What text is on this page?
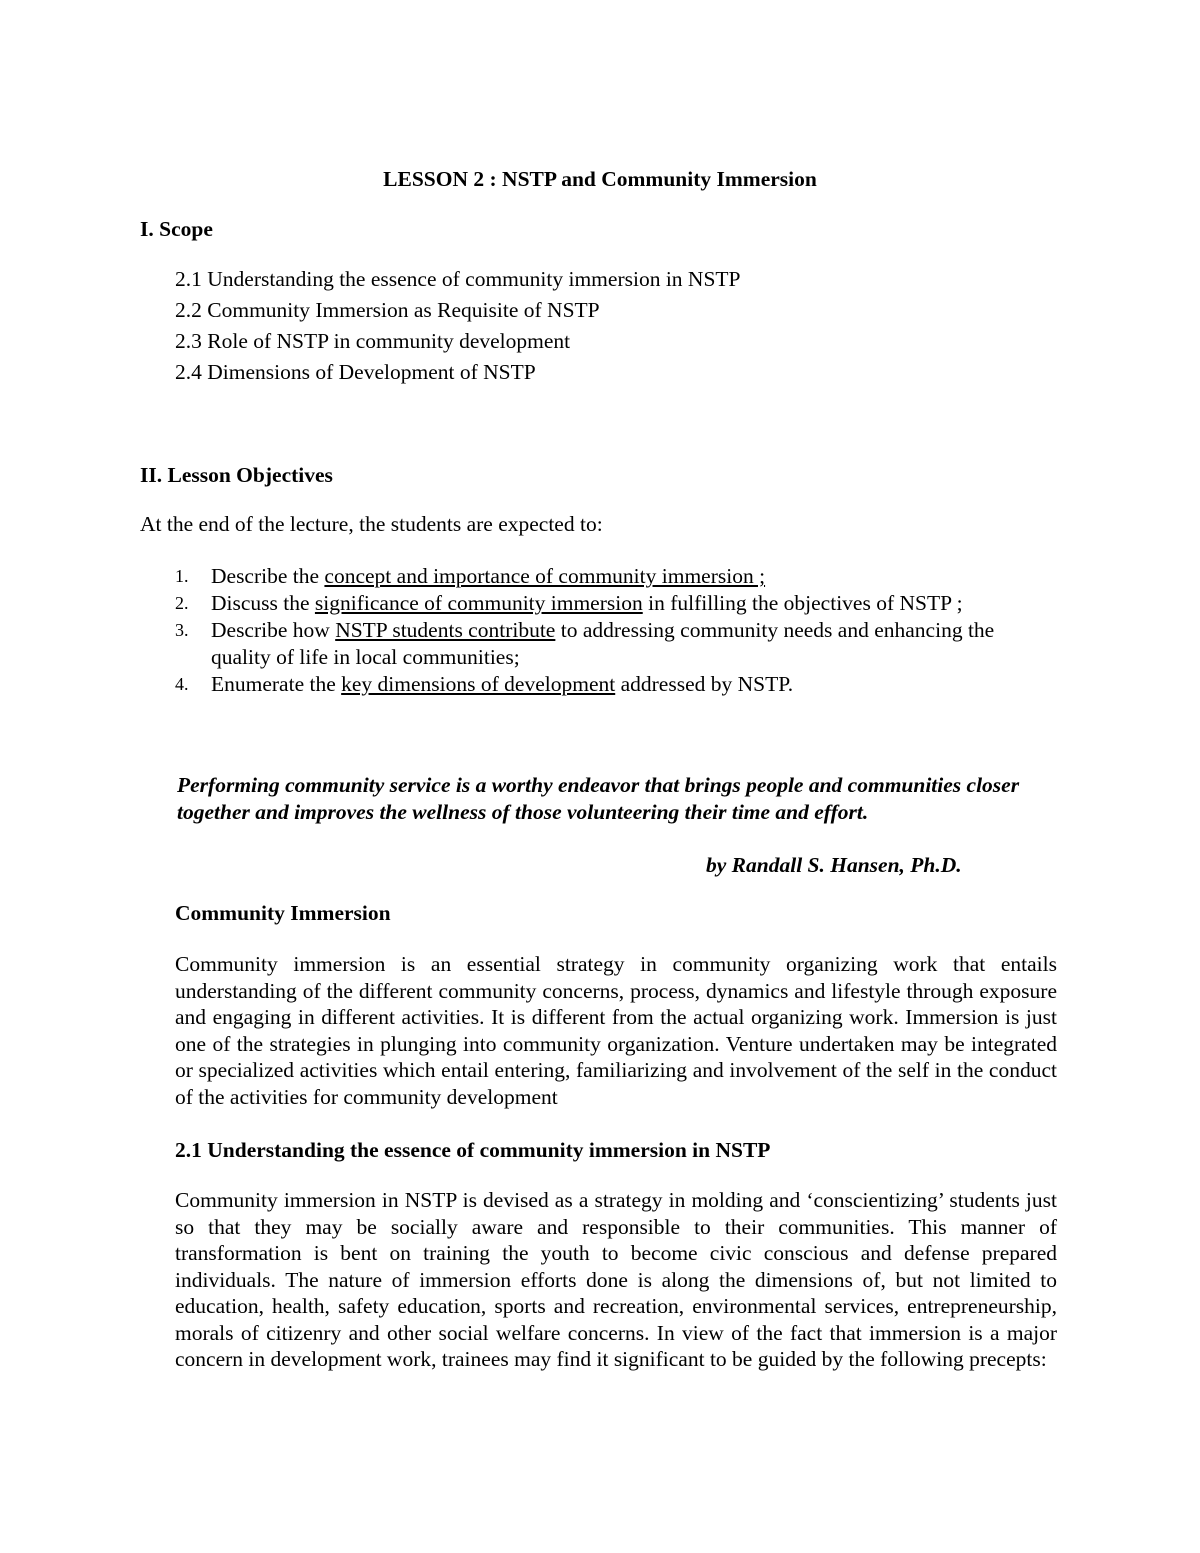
LESSON 2 : NSTP and Community Immersion
I. Scope
2.1 Understanding the essence of community immersion in NSTP
2.2 Community Immersion as Requisite of NSTP
2.3 Role of NSTP in community development
2.4 Dimensions of Development of NSTP
II. Lesson Objectives
At the end of the lecture, the students are expected to:
1. Describe the concept and importance of community immersion ;
2. Discuss the significance of community immersion in fulfilling the objectives of NSTP ;
3. Describe how NSTP students contribute to addressing community needs and enhancing the quality of life in local communities;
4. Enumerate the key dimensions of development addressed by NSTP.
Performing community service is a worthy endeavor that brings people and communities closer together and improves the wellness of those volunteering their time and effort.
by Randall S. Hansen, Ph.D.
Community Immersion
Community immersion is an essential strategy in community organizing work that entails understanding of the different community concerns, process, dynamics and lifestyle through exposure and engaging in different activities. It is different from the actual organizing work. Immersion is just one of the strategies in plunging into community organization. Venture undertaken may be integrated or specialized activities which entail entering, familiarizing and involvement of the self in the conduct of the activities for community development
2.1 Understanding the essence of community immersion in NSTP
Community immersion in NSTP is devised as a strategy in molding and ‘conscientizing’ students just so that they may be socially aware and responsible to their communities. This manner of transformation is bent on training the youth to become civic conscious and defense prepared individuals. The nature of immersion efforts done is along the dimensions of, but not limited to education, health, safety education, sports and recreation, environmental services, entrepreneurship, morals of citizenry and other social welfare concerns. In view of the fact that immersion is a major concern in development work, trainees may find it significant to be guided by the following precepts:
